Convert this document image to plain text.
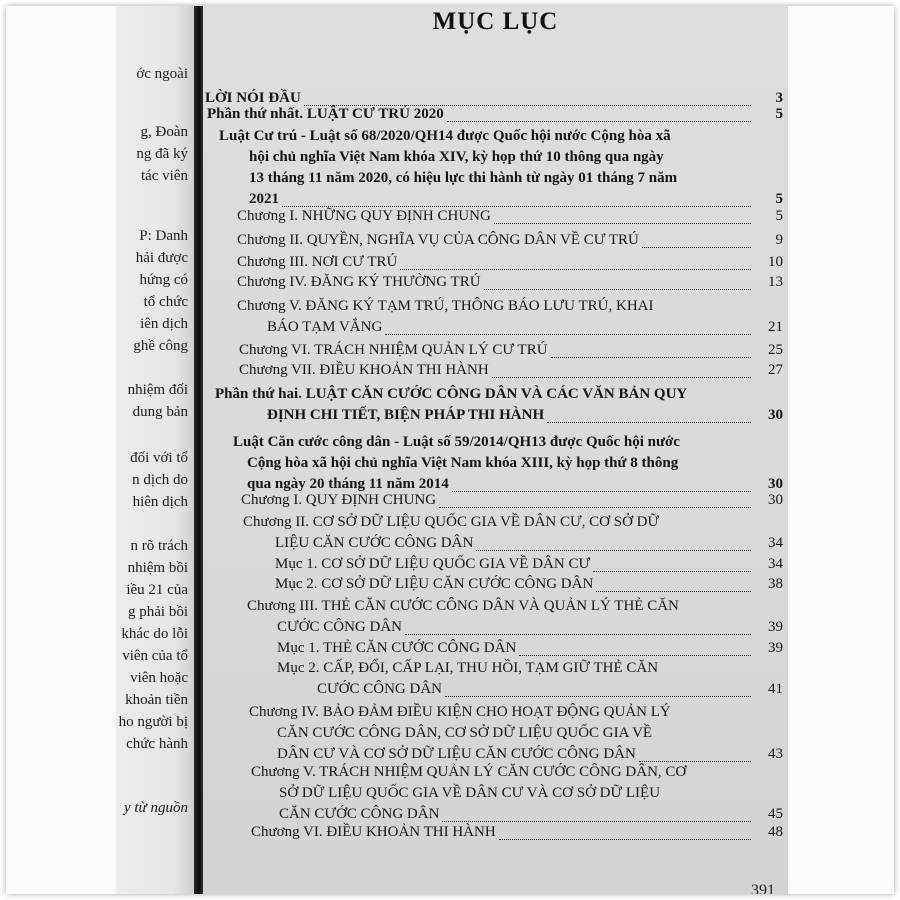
ớc ngoài
g, Đoàn
ng đã ký
tác viên
P: Danh
hải được
hứng có
tổ chức
iên dịch
ghề công
nhiệm đối
dung bản
đối với tổ
n dịch do
hiên dịch
n rõ trách
nhiệm bồi
iều 21 của
g phải bồi
khác do lỗi
viên của tổ
viên hoặc
khoản tiền
ho người bị
chức hành
y từ nguồn
MỤC LỤC
LỜI NÓI ĐẦU	3
Phần thứ nhất. LUẬT CƯ TRÚ 2020	5
Luật Cư trú - Luật số 68/2020/QH14 được Quốc hội nước Cộng hòa xã
hội chủ nghĩa Việt Nam khóa XIV, kỳ họp thứ 10 thông qua ngày
13 tháng 11 năm 2020, có hiệu lực thi hành từ ngày 01 tháng 7 năm
2021	5
Chương I. NHỮNG QUY ĐỊNH CHUNG	5
Chương II. QUYỀN, NGHĨA VỤ CỦA CÔNG DÂN VỀ CƯ TRÚ	9
Chương III. NƠI CƯ TRÚ	10
Chương IV. ĐĂNG KÝ THƯỜNG TRÚ	13
Chương V. ĐĂNG KÝ TẠM TRÚ, THÔNG BÁO LƯU TRÚ, KHAI
BÁO TẠM VẮNG	21
Chương VI. TRÁCH NHIỆM QUẢN LÝ CƯ TRÚ	25
Chương VII. ĐIỀU KHOẢN THI HÀNH	27
Phần thứ hai. LUẬT CĂN CƯỚC CÔNG DÂN VÀ CÁC VĂN BẢN QUY
ĐỊNH CHI TIẾT, BIỆN PHÁP THI HÀNH	30
Luật Căn cước công dân - Luật số 59/2014/QH13 được Quốc hội nước
Cộng hòa xã hội chủ nghĩa Việt Nam khóa XIII, kỳ họp thứ 8 thông
qua ngày 20 tháng 11 năm 2014	30
Chương I. QUY ĐỊNH CHUNG	30
Chương II. CƠ SỞ DỮ LIỆU QUỐC GIA VỀ DÂN CƯ, CƠ SỞ DỮ
LIỆU CĂN CƯỚC CÔNG DÂN	34
Mục 1. CƠ SỞ DỮ LIỆU QUỐC GIA VỀ DÂN CƯ	34
Mục 2. CƠ SỞ DỮ LIỆU CĂN CƯỚC CÔNG DÂN	38
Chương III. THẺ CĂN CƯỚC CÔNG DÂN VÀ QUẢN LÝ THẺ CĂN
CƯỚC CÔNG DÂN	39
Mục 1. THẺ CĂN CƯỚC CÔNG DÂN	39
Mục 2. CẤP, ĐỔI, CẤP LẠI, THU HỒI, TẠM GIỮ THẺ CĂN
CƯỚC CÔNG DÂN	41
Chương IV. BẢO ĐẢM ĐIỀU KIỆN CHO HOẠT ĐỘNG QUẢN LÝ
CĂN CƯỚC CÔNG DÂN, CƠ SỞ DỮ LIỆU QUỐC GIA VỀ
DÂN CƯ VÀ CƠ SỞ DỮ LIỆU CĂN CƯỚC CÔNG DÂN	43
Chương V. TRÁCH NHIỆM QUẢN LÝ CĂN CƯỚC CÔNG DÂN, CƠ
SỞ DỮ LIỆU QUỐC GIA VỀ DÂN CƯ VÀ CƠ SỞ DỮ LIỆU
CĂN CƯỚC CÔNG DÂN	45
Chương VI. ĐIỀU KHOẢN THI HÀNH	48
391
